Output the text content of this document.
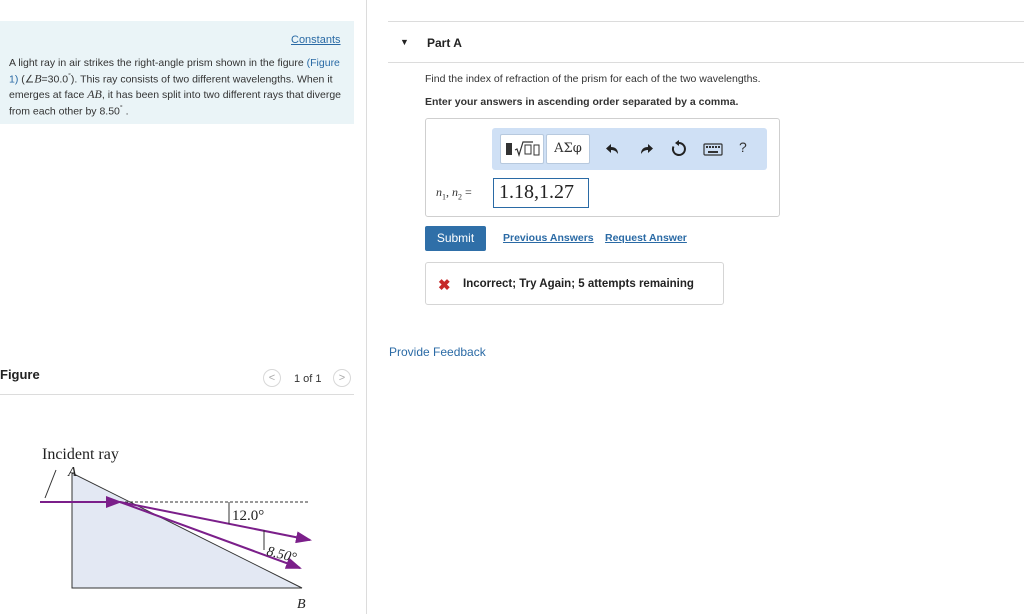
Constants
A light ray in air strikes the right-angle prism shown in the figure (Figure 1) (∠B=30.0°). This ray consists of two different wavelengths. When it emerges at face AB, it has been split into two different rays that diverge from each other by 8.50° .
Figure	<	1 of 1	>
Incident ray
A
B
12.0°
8.50°
▼ Part A
Find the index of refraction of the prism for each of the two wavelengths.
Enter your answers in ascending order separated by a comma.
ΑΣφ	?
$n_1$, $n_2$ =	1.18,1.27
Submit	Previous Answers Request Answer
✖ Incorrect; Try Again; 5 attempts remaining
Provide Feedback
